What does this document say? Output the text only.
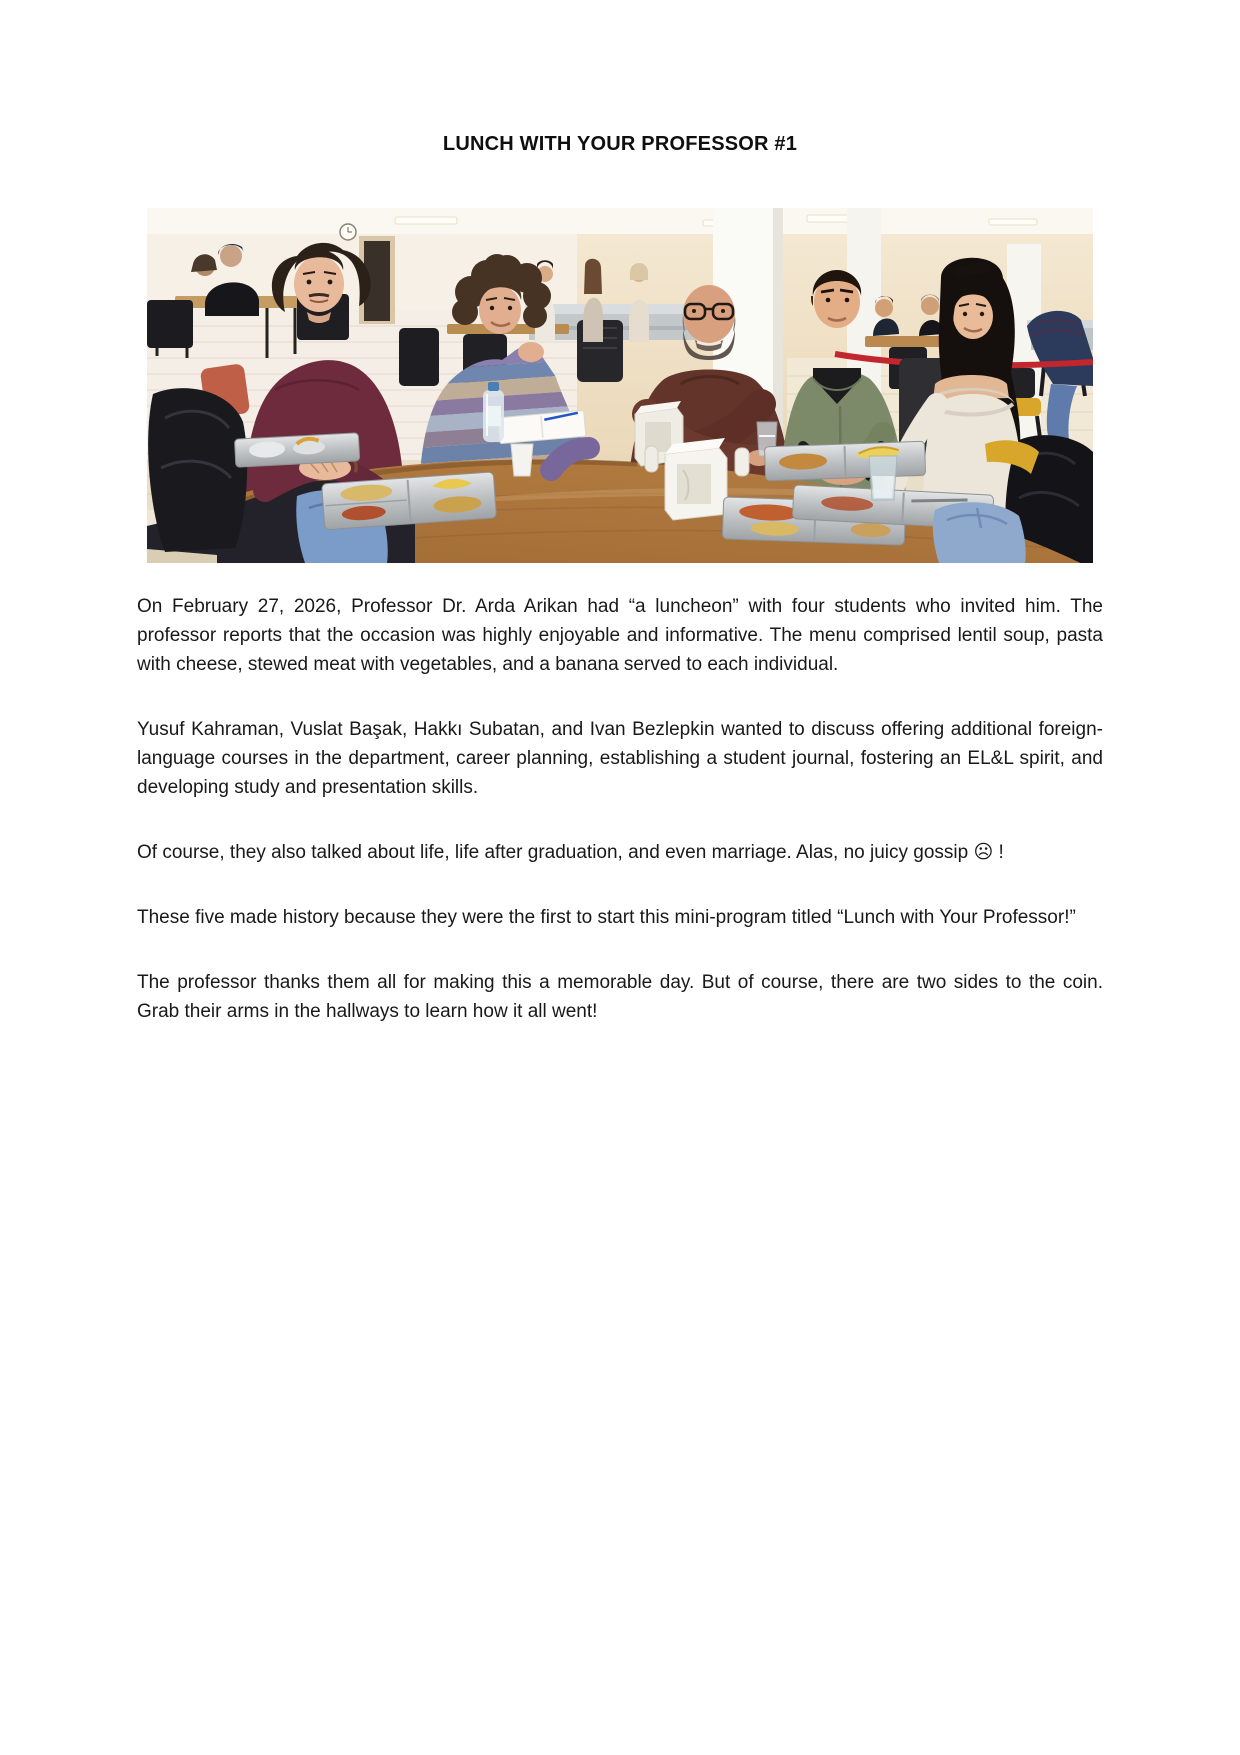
LUNCH WITH YOUR PROFESSOR #1

On February 27, 2026, Professor Dr. Arda Arikan had “a luncheon” with four students who invited him. The professor reports that the occasion was highly enjoyable and informative. The menu comprised lentil soup, pasta with cheese, stewed meat with vegetables, and a banana served to each individual.

Yusuf Kahraman, Vuslat Başak, Hakkı Subatan, and Ivan Bezlepkin wanted to discuss offering additional foreign-language courses in the department, career planning, establishing a student journal, fostering an EL&L spirit, and developing study and presentation skills.

Of course, they also talked about life, life after graduation, and even marriage. Alas, no juicy gossip ☹ !

These five made history because they were the first to start this mini-program titled “Lunch with Your Professor!”

The professor thanks them all for making this a memorable day. But of course, there are two sides to the coin. Grab their arms in the hallways to learn how it all went!
